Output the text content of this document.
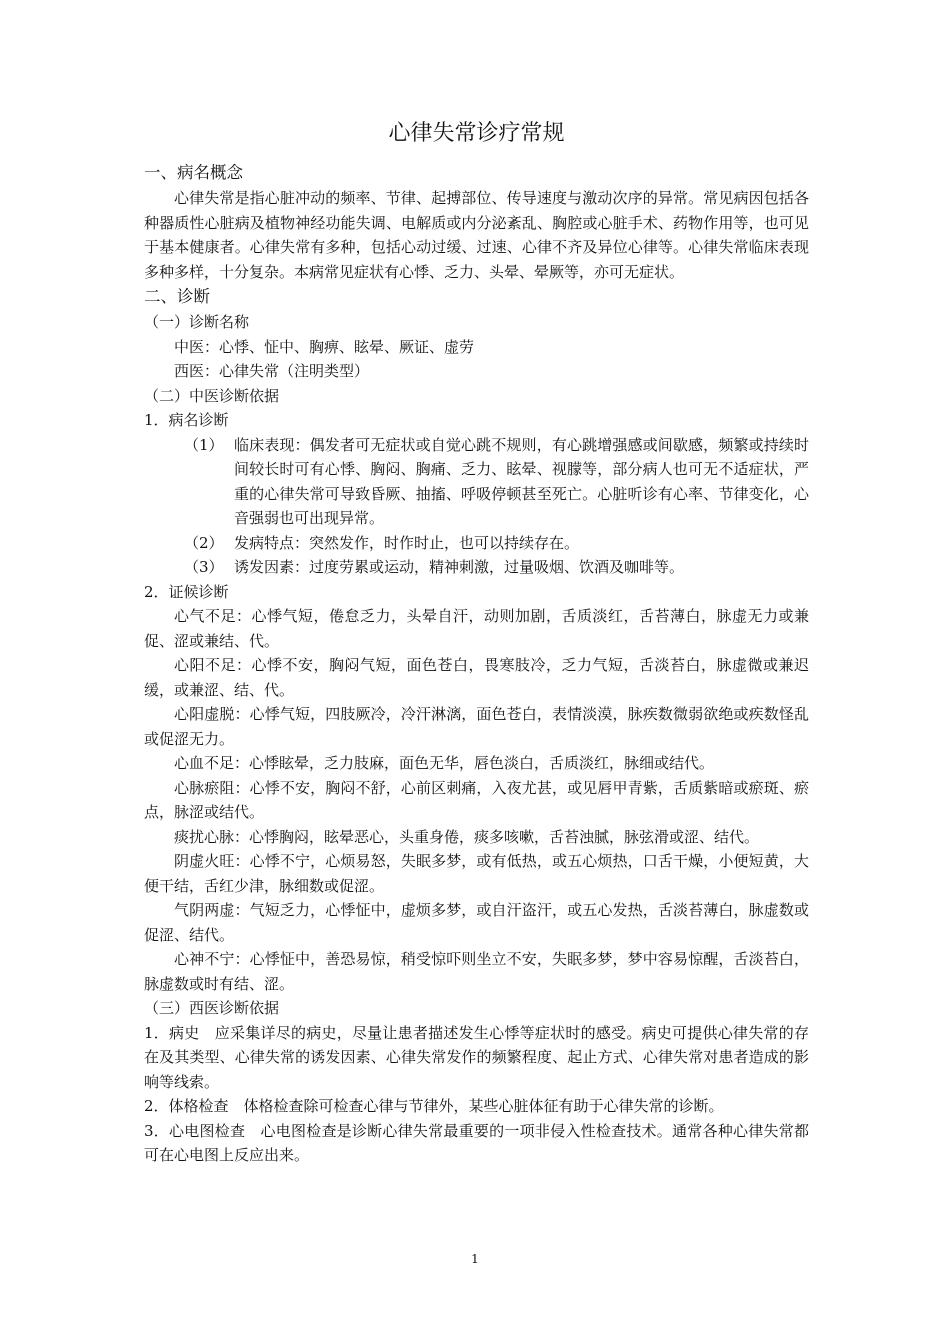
心律失常诊疗常规
一、病名概念

心律失常是指心脏冲动的频率、节律、起搏部位、传导速度与激动次序的异常。常见病因包括各种器质性心脏病及植物神经功能失调、电解质或内分泌紊乱、胸腔或心脏手术、药物作用等，也可见于基本健康者。心律失常有多种，包括心动过缓、过速、心律不齐及异位心律等。心律失常临床表现多种多样，十分复杂。本病常见症状有心悸、乏力、头晕、晕厥等，亦可无症状。

二、诊断
（一）诊断名称

中医：心悸、怔中、胸痹、眩晕、厥证、虚劳

西医：心律失常（注明类型）

（二）中医诊断依据
1．病名诊断
（1） 临床表现：偶发者可无症状或自觉心跳不规则，有心跳增强感或间歇感，频繁或持续时间较长时可有心悸、胸闷、胸痛、乏力、眩晕、视朦等，部分病人也可无不适症状，严重的心律失常可导致昏厥、抽搐、呼吸停顿甚至死亡。心脏听诊有心率、节律变化，心音强弱也可出现异常。
（2） 发病特点：突然发作，时作时止，也可以持续存在。
（3） 诱发因素：过度劳累或运动，精神刺激，过量吸烟、饮酒及咖啡等。
2．证候诊断

心气不足：心悸气短，倦怠乏力，头晕自汗，动则加剧，舌质淡红，舌苔薄白，脉虚无力或兼促、涩或兼结、代。

心阳不足：心悸不安，胸闷气短，面色苍白，畏寒肢冷，乏力气短，舌淡苔白，脉虚微或兼迟缓，或兼涩、结、代。

心阳虚脱：心悸气短，四肢厥冷，冷汗淋漓，面色苍白，表情淡漠，脉疾数微弱欲绝或疾数怪乱或促涩无力。

心血不足：心悸眩晕，乏力肢麻，面色无华，唇色淡白，舌质淡红，脉细或结代。

心脉瘀阻：心悸不安，胸闷不舒，心前区刺痛，入夜尤甚，或见唇甲青紫，舌质紫暗或瘀斑、瘀点，脉涩或结代。

痰扰心脉：心悸胸闷，眩晕恶心，头重身倦，痰多咳嗽，舌苔浊腻，脉弦滑或涩、结代。

阴虚火旺：心悸不宁，心烦易怒，失眠多梦，或有低热，或五心烦热，口舌干燥，小便短黄，大便干结，舌红少津，脉细数或促涩。

气阴两虚：气短乏力，心悸怔中，虚烦多梦，或自汗盗汗，或五心发热，舌淡苔薄白，脉虚数或促涩、结代。

心神不宁：心悸怔中，善恐易惊，稍受惊吓则坐立不安，失眠多梦，梦中容易惊醒，舌淡苔白，脉虚数或时有结、涩。

（三）西医诊断依据

1．病史　应采集详尽的病史，尽量让患者描述发生心悸等症状时的感受。病史可提供心律失常的存在及其类型、心律失常的诱发因素、心律失常发作的频繁程度、起止方式、心律失常对患者造成的影响等线索。

2．体格检查　体格检查除可检查心律与节律外，某些心脏体征有助于心律失常的诊断。

3．心电图检查　心电图检查是诊断心律失常最重要的一项非侵入性检查技术。通常各种心律失常都可在心电图上反应出来。

1
